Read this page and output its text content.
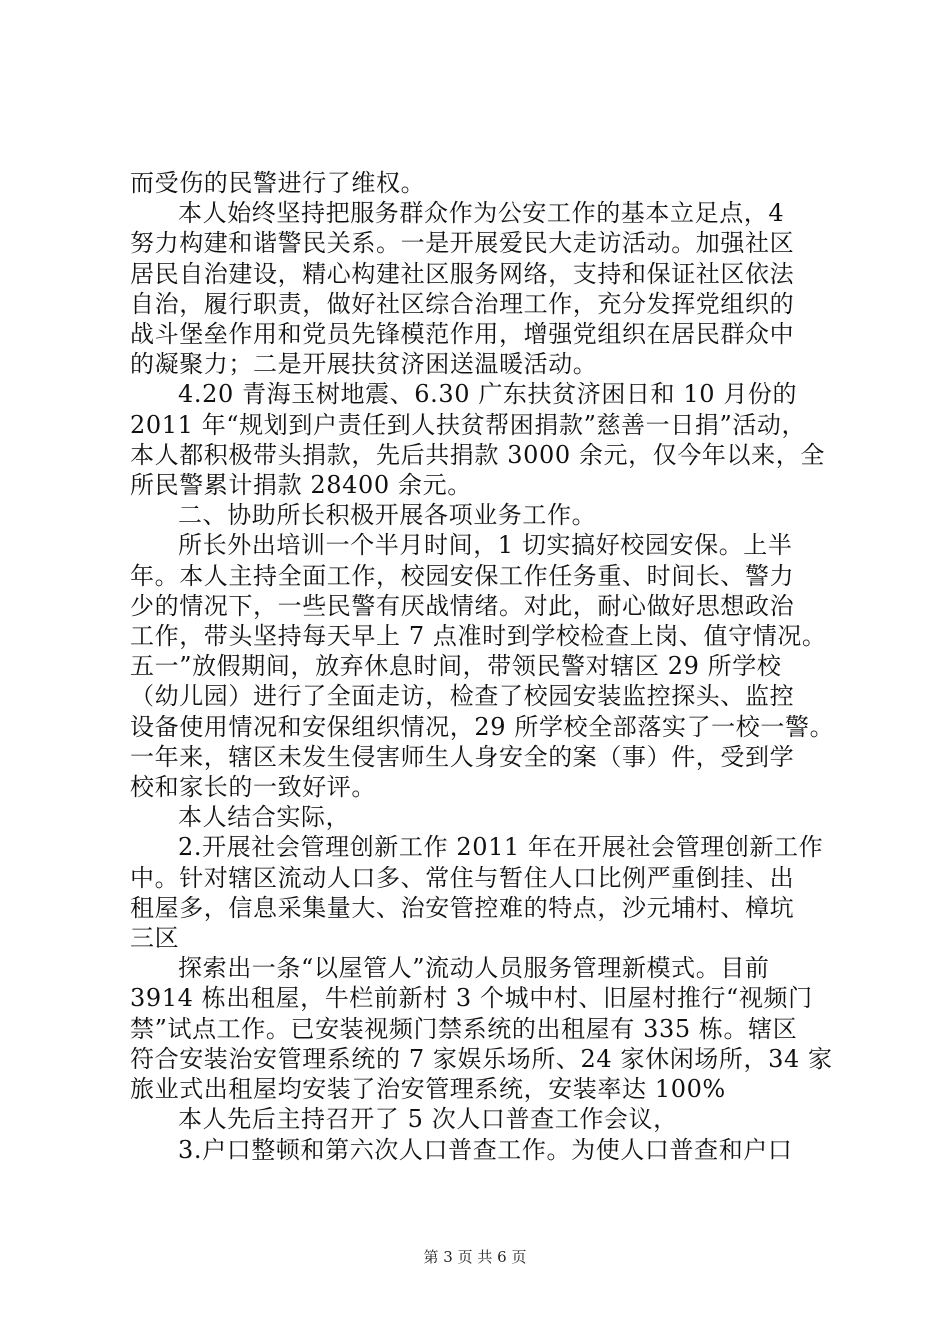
而受伤的民警进行了维权。
本人始终坚持把服务群众作为公安工作的基本立足点，4
努力构建和谐警民关系。一是开展爱民大走访活动。加强社区
居民自治建设，精心构建社区服务网络，支持和保证社区依法
自治，履行职责，做好社区综合治理工作，充分发挥党组织的
战斗堡垒作用和党员先锋模范作用，增强党组织在居民群众中
的凝聚力；二是开展扶贫济困送温暖活动。
4.20 青海玉树地震、6.30 广东扶贫济困日和 10 月份的
2011 年“规划到户责任到人扶贫帮困捐款”慈善一日捐”活动，
本人都积极带头捐款，先后共捐款 3000 余元，仅今年以来，全
所民警累计捐款 28400 余元。
二、协助所长积极开展各项业务工作。
所长外出培训一个半月时间，1 切实搞好校园安保。上半
年。本人主持全面工作，校园安保工作任务重、时间长、警力
少的情况下，一些民警有厌战情绪。对此，耐心做好思想政治
工作，带头坚持每天早上 7 点准时到学校检查上岗、值守情况。
五一”放假期间，放弃休息时间，带领民警对辖区 29 所学校
（幼儿园）进行了全面走访，检查了校园安装监控探头、监控
设备使用情况和安保组织情况，29 所学校全部落实了一校一警。
一年来，辖区未发生侵害师生人身安全的案（事）件，受到学
校和家长的一致好评。
本人结合实际，
2.开展社会管理创新工作 2011 年在开展社会管理创新工作
中。针对辖区流动人口多、常住与暂住人口比例严重倒挂、出
租屋多，信息采集量大、治安管控难的特点，沙元埔村、樟坑
三区
探索出一条“以屋管人”流动人员服务管理新模式。目前
3914 栋出租屋，牛栏前新村 3 个城中村、旧屋村推行“视频门
禁”试点工作。已安装视频门禁系统的出租屋有 335 栋。辖区
符合安装治安管理系统的 7 家娱乐场所、24 家休闲场所，34 家
旅业式出租屋均安装了治安管理系统，安装率达 100%
本人先后主持召开了 5 次人口普查工作会议，
3.户口整顿和第六次人口普查工作。为使人口普查和户口
第 3 页 共 6 页
